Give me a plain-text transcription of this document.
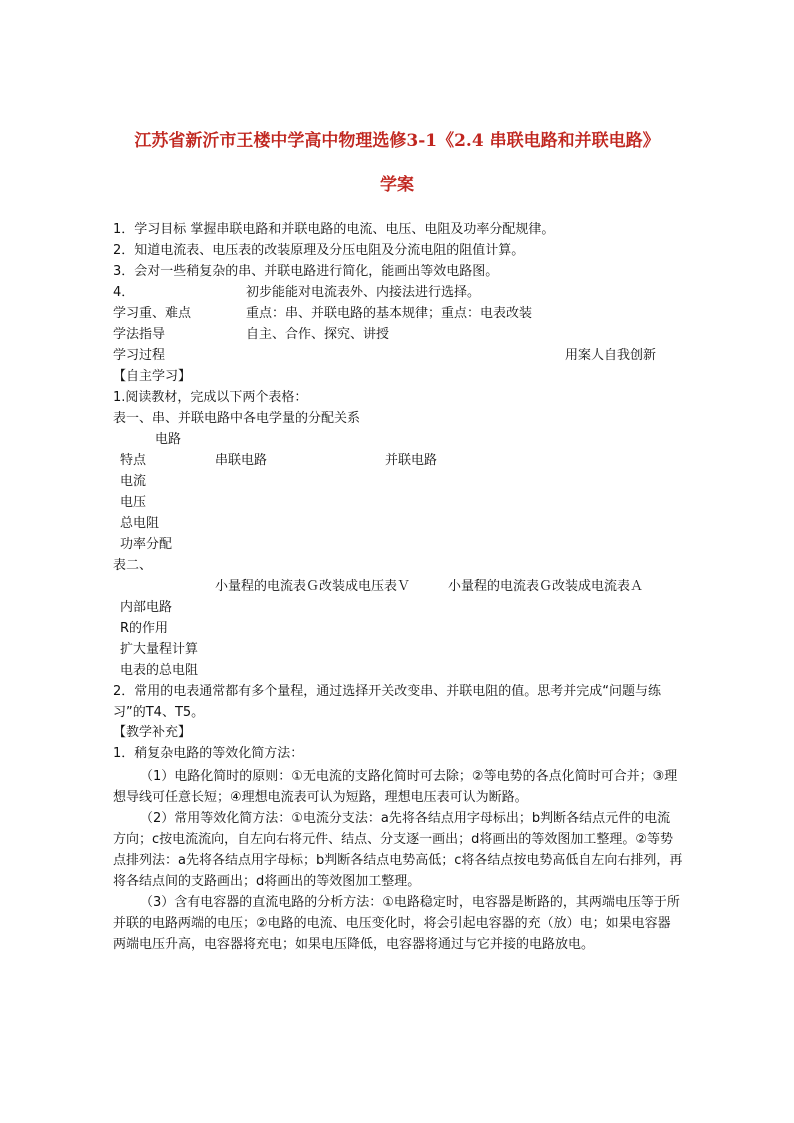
江苏省新沂市王楼中学高中物理选修3-1《2.4 串联电路和并联电路》
学案
1．学习目标 掌握串联电路和并联电路的电流、电压、电阻及功率分配规律。
2．知道电流表、电压表的改装原理及分压电阻及分流电阻的阻值计算。
3．会对一些稍复杂的串、并联电路进行简化，能画出等效电路图。
4．	初步能能对电流表外、内接法进行选择。
学习重、难点	重点：串、并联电路的基本规律；重点：电表改装
学法指导	自主、合作、探究、讲授
学习过程	用案人自我创新
【自主学习】
1.阅读教材，完成以下两个表格：
表一、串、并联电路中各电学量的分配关系
电路
特点	串联电路	并联电路
电流
电压
总电阻
功率分配
表二、
小量程的电流表Ｇ改装成电压表Ｖ	小量程的电流表Ｇ改装成电流表Ａ
内部电路
R的作用
扩大量程计算
电表的总电阻
2．常用的电表通常都有多个量程，通过选择开关改变串、并联电阻的值。思考并完成“问题与练习”的T4、T5。
【教学补充】
1．稍复杂电路的等效化简方法：
（1）电路化简时的原则：①无电流的支路化简时可去除；②等电势的各点化简时可合并；③理想导线可任意长短；④理想电流表可认为短路，理想电压表可认为断路。
（2）常用等效化简方法：①电流分支法：a先将各结点用字母标出；b判断各结点元件的电流方向；c按电流流向，自左向右将元件、结点、分支逐一画出；d将画出的等效图加工整理。②等势点排列法：a先将各结点用字母标；b判断各结点电势高低；c将各结点按电势高低自左向右排列，再将各结点间的支路画出；d将画出的等效图加工整理。
（3）含有电容器的直流电路的分析方法：①电路稳定时，电容器是断路的，其两端电压等于所并联的电路两端的电压；②电路的电流、电压变化时，将会引起电容器的充（放）电；如果电容器两端电压升高，电容器将充电；如果电压降低，电容器将通过与它并接的电路放电。
